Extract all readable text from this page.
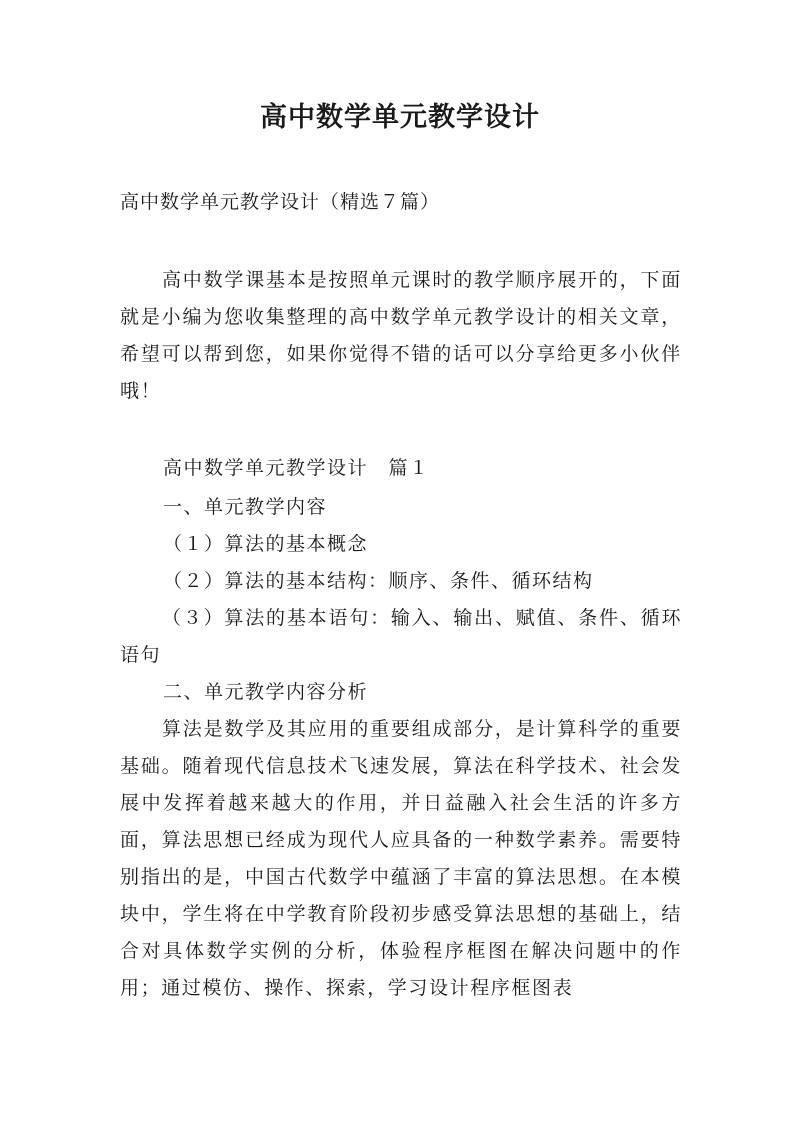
高中数学单元教学设计
高中数学单元教学设计（精选７篇）

高中数学课基本是按照单元课时的教学顺序展开的，下面就是小编为您收集整理的高中数学单元教学设计的相关文章，希望可以帮到您，如果你觉得不错的话可以分享给更多小伙伴哦！

高中数学单元教学设计　篇１

一、单元教学内容

（１）算法的基本概念

（２）算法的基本结构：顺序、条件、循环结构

（３）算法的基本语句：输入、输出、赋值、条件、循环语句

二、单元教学内容分析

算法是数学及其应用的重要组成部分，是计算科学的重要基础。随着现代信息技术飞速发展，算法在科学技术、社会发展中发挥着越来越大的作用，并日益融入社会生活的许多方面，算法思想已经成为现代人应具备的一种数学素养。需要特别指出的是，中国古代数学中蕴涵了丰富的算法思想。在本模块中，学生将在中学教育阶段初步感受算法思想的基础上，结合对具体数学实例的分析，体验程序框图在解决问题中的作用；通过模仿、操作、探索，学习设计程序框图表
